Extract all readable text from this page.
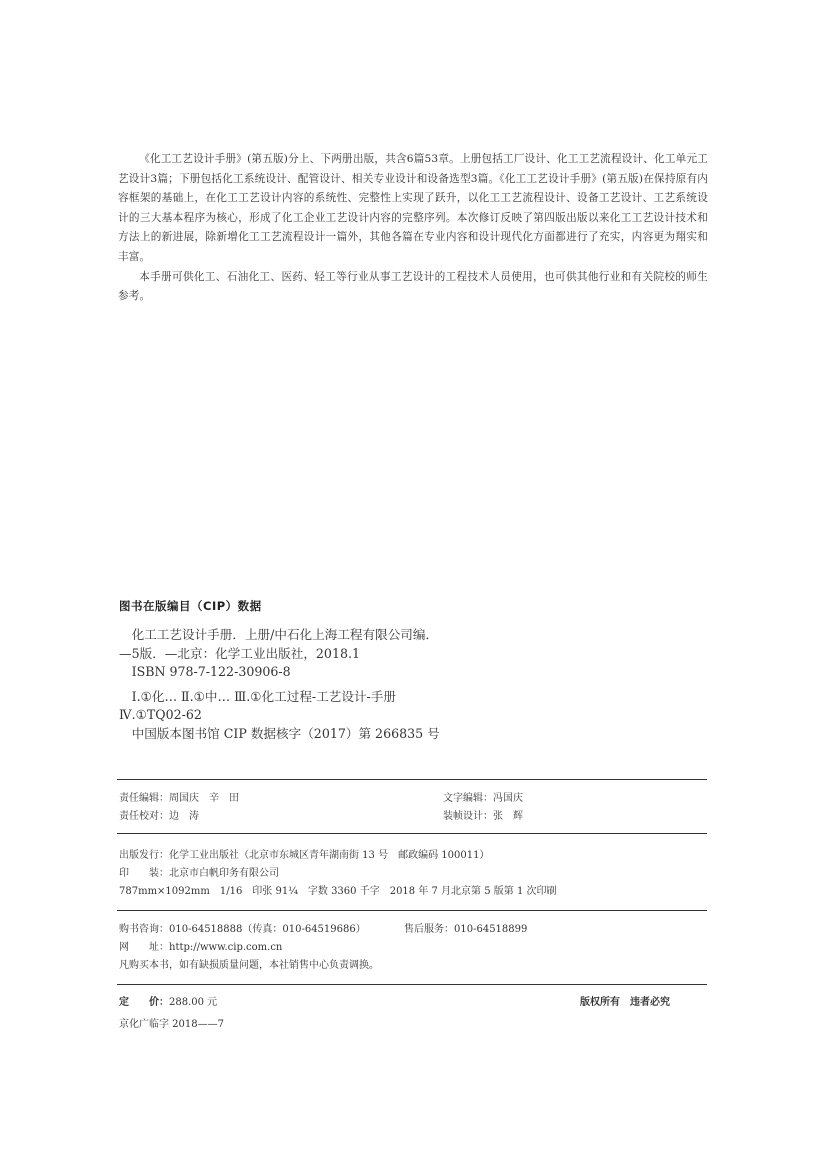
《化工工艺设计手册》(第五版)分上、下两册出版，共含6篇53章。上册包括工厂设计、化工工艺流程设计、化工单元工艺设计3篇；下册包括化工系统设计、配管设计、相关专业设计和设备选型3篇。《化工工艺设计手册》(第五版)在保持原有内容框架的基础上，在化工工艺设计内容的系统性、完整性上实现了跃升，以化工工艺流程设计、设备工艺设计、工艺系统设计的三大基本程序为核心，形成了化工企业工艺设计内容的完整序列。本次修订反映了第四版出版以来化工工艺设计技术和方法上的新进展，除新增化工工艺流程设计一篇外，其他各篇在专业内容和设计现代化方面都进行了充实，内容更为翔实和丰富。

本手册可供化工、石油化工、医药、轻工等行业从事工艺设计的工程技术人员使用，也可供其他行业和有关院校的师生参考。

图书在版编目（CIP）数据

化工工艺设计手册．上册/中石化上海工程有限公司编．—5版．—北京：化学工业出版社，2018.1

ISBN 978-7-122-30906-8

Ⅰ.①化… Ⅱ.①中… Ⅲ.①化工过程-工艺设计-手册 Ⅳ.①TQ02-62

中国版本图书馆 CIP 数据核字（2017）第 266835 号

责任编辑：周国庆　辛　田	文字编辑：冯国庆
责任校对：边　涛	装帧设计：张　辉
出版发行：化学工业出版社（北京市东城区青年湖南街 13 号　邮政编码 100011）
印　　装：北京市白帆印务有限公司
787mm×1092mm　1/16　印张 91¼　字数 3360 千字　2018 年 7 月北京第 5 版第 1 次印刷
购书咨询：010-64518888（传真：010-64519686）	售后服务：010-64518899
网　　址：http://www.cip.com.cn
凡购买本书，如有缺损质量问题，本社销售中心负责调换。
定　　价：288.00 元	版权所有　违者必究
京化广临字 2018——7
